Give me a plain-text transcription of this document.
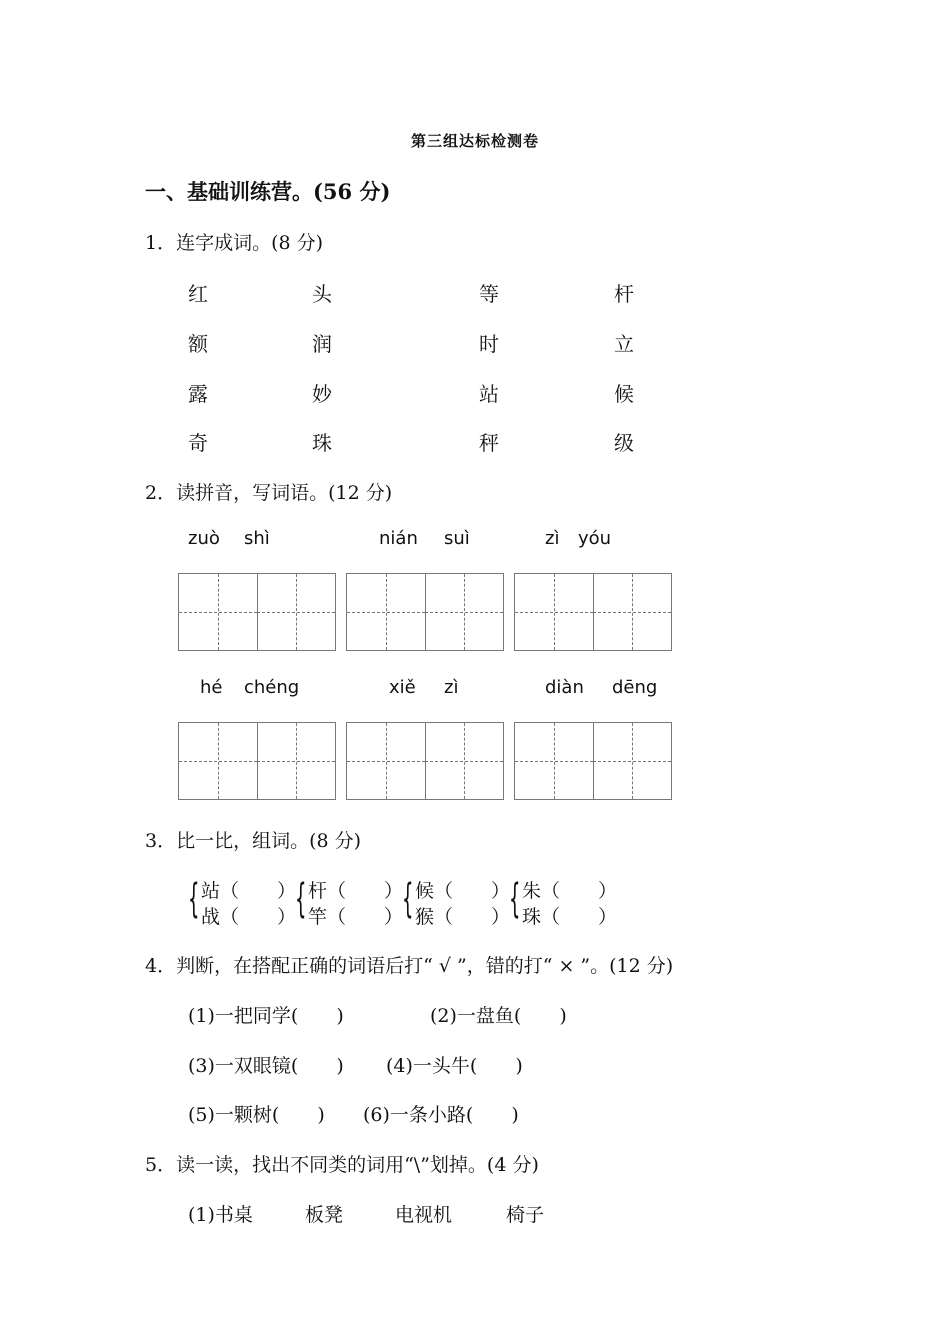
第三组达标检测卷
一、基础训练营。(56 分)
1．连字成词。(8 分)
红	头	等	杆
额	润	时	立
露	妙	站	候
奇	珠	秤	级
2．读拼音，写词语。(12 分)
zuò shì	nián suì	zì yóu
hé chéng	xiě zì	diàn dēng
3．比一比，组词。(8 分)
{ 站（　　）
战（　　）
{ 杆（　　）
竿（　　）
{ 候（　　）
猴（　　）
{ 朱（　　）
珠（　　）
4．判断，在搭配正确的词语后打“ √ ”，错的打“ × ”。(12 分)
(1)一把同学(　　)	(2)一盘鱼(　　)
(3)一双眼镜(　　) (4)一头牛(　　)
(5)一颗树(　　) (6)一条小路(　　)
5．读一读，找出不同类的词用“\”划掉。(4 分)
(1)书桌	板凳	电视机	椅子
